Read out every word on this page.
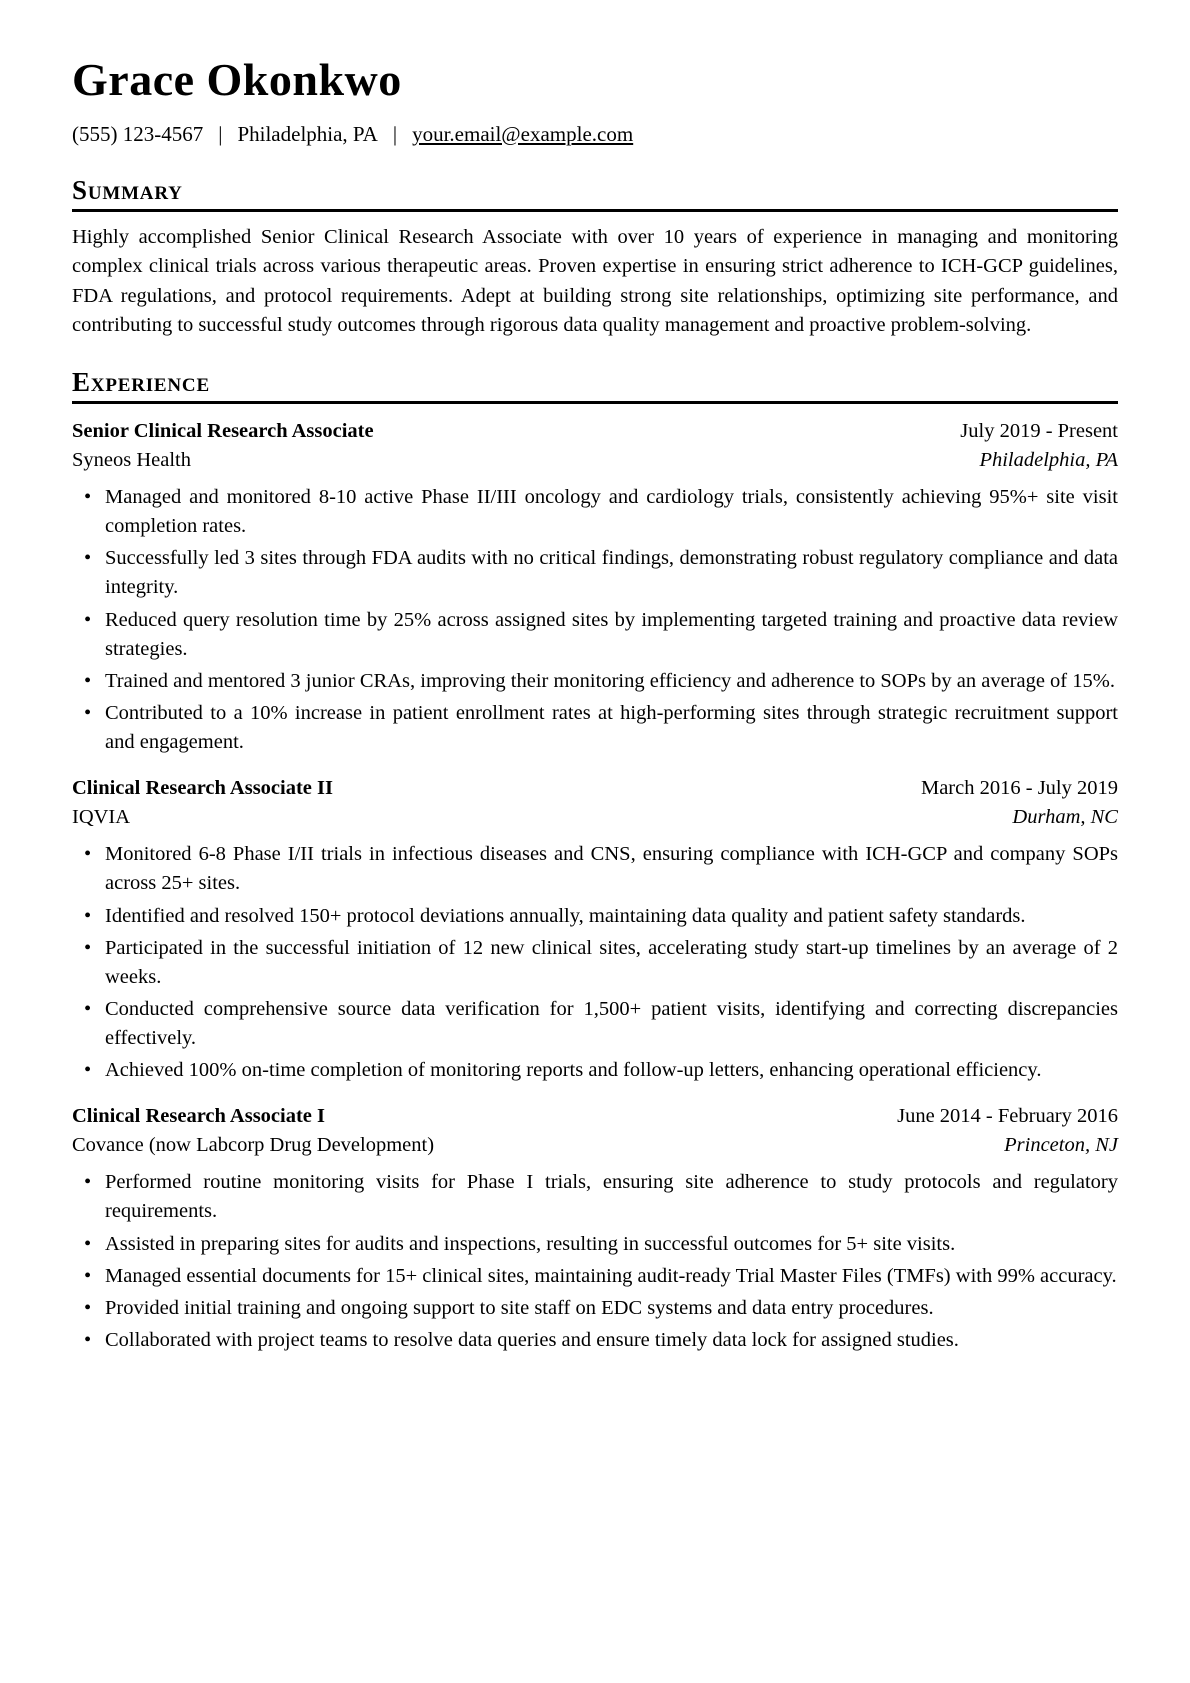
Grace Okonkwo
(555) 123-4567 | Philadelphia, PA | your.email@example.com
Summary

Highly accomplished Senior Clinical Research Associate with over 10 years of experience in managing and monitoring complex clinical trials across various therapeutic areas. Proven expertise in ensuring strict adherence to ICH-GCP guidelines, FDA regulations, and protocol requirements. Adept at building strong site relationships, optimizing site performance, and contributing to successful study outcomes through rigorous data quality management and proactive problem-solving.

Experience
Senior Clinical Research Associate	July 2019 - Present
Syneos Health	Philadelphia, PA
• Managed and monitored 8-10 active Phase II/III oncology and cardiology trials, consistently achieving 95%+ site visit completion rates.
• Successfully led 3 sites through FDA audits with no critical findings, demonstrating robust regulatory compliance and data integrity.
• Reduced query resolution time by 25% across assigned sites by implementing targeted training and proactive data review strategies.
• Trained and mentored 3 junior CRAs, improving their monitoring efficiency and adherence to SOPs by an average of 15%.
• Contributed to a 10% increase in patient enrollment rates at high-performing sites through strategic recruitment support and engagement.
Clinical Research Associate II	March 2016 - July 2019
IQVIA	Durham, NC
• Monitored 6-8 Phase I/II trials in infectious diseases and CNS, ensuring compliance with ICH-GCP and company SOPs across 25+ sites.
• Identified and resolved 150+ protocol deviations annually, maintaining data quality and patient safety standards.
• Participated in the successful initiation of 12 new clinical sites, accelerating study start-up timelines by an average of 2 weeks.
• Conducted comprehensive source data verification for 1,500+ patient visits, identifying and correcting discrepancies effectively.
• Achieved 100% on-time completion of monitoring reports and follow-up letters, enhancing operational efficiency.
Clinical Research Associate I	June 2014 - February 2016
Covance (now Labcorp Drug Development)	Princeton, NJ
• Performed routine monitoring visits for Phase I trials, ensuring site adherence to study protocols and regulatory requirements.
• Assisted in preparing sites for audits and inspections, resulting in successful outcomes for 5+ site visits.
• Managed essential documents for 15+ clinical sites, maintaining audit-ready Trial Master Files (TMFs) with 99% accuracy.
• Provided initial training and ongoing support to site staff on EDC systems and data entry procedures.
• Collaborated with project teams to resolve data queries and ensure timely data lock for assigned studies.
